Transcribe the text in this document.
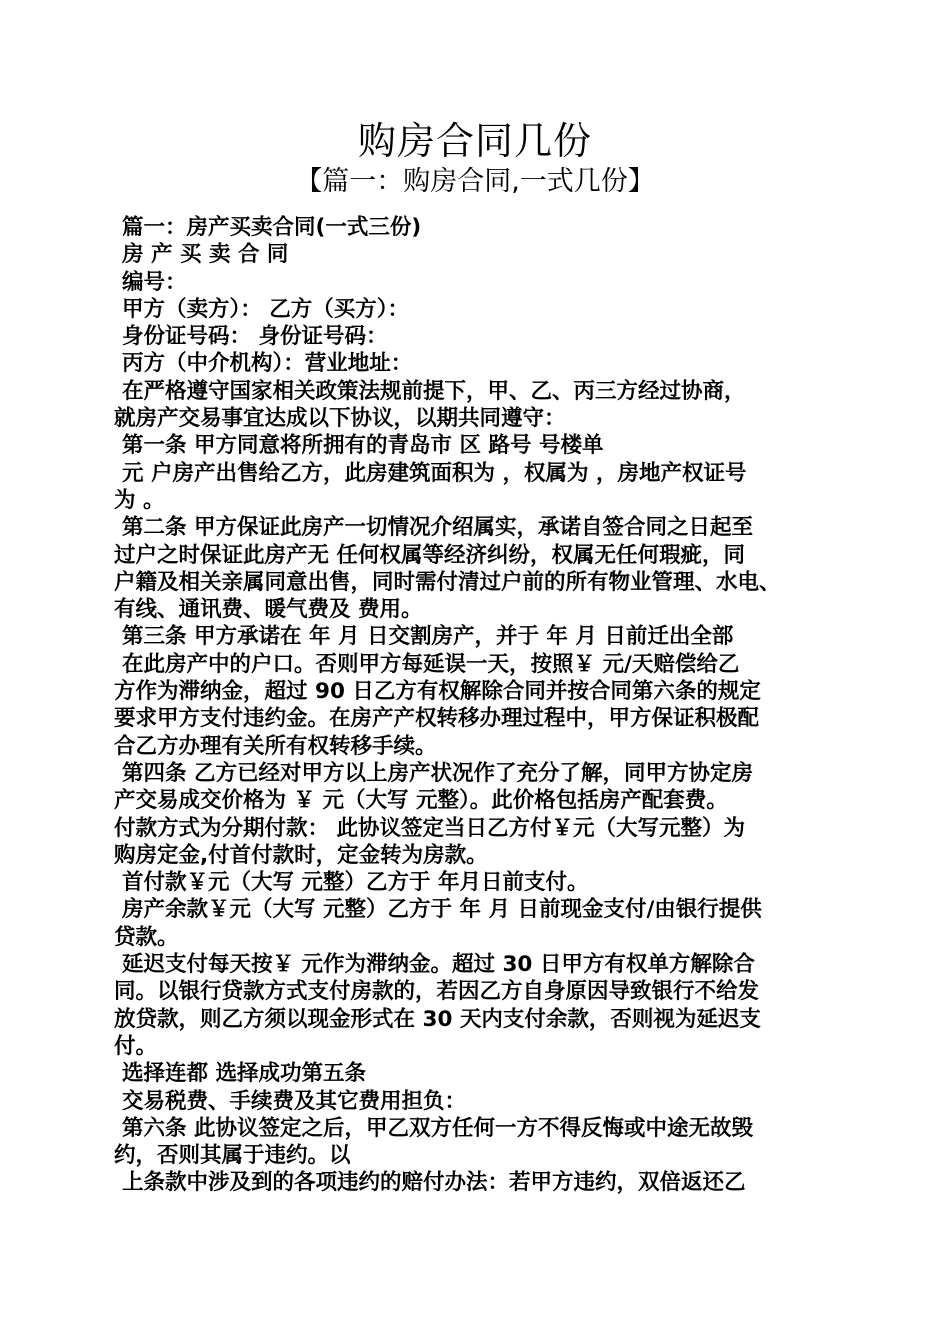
购房合同几份
【篇一：购房合同,一式几份】
篇一：房产买卖合同(一式三份)
房 产 买 卖 合 同
编号：
甲方（卖方）： 乙方（买方）：
身份证号码： 身份证号码：
丙方（中介机构）：营业地址：
在严格遵守国家相关政策法规前提下，甲、乙、丙三方经过协商，
就房产交易事宜达成以下协议，以期共同遵守：
第一条 甲方同意将所拥有的青岛市 区 路号 号楼单
元 户房产出售给乙方，此房建筑面积为 ，权属为 ，房地产权证号
为 。
第二条 甲方保证此房产一切情况介绍属实，承诺自签合同之日起至
过户之时保证此房产无 任何权属等经济纠纷，权属无任何瑕疵，同
户籍及相关亲属同意出售，同时需付清过户前的所有物业管理、水电、
有线、通讯费、暖气费及 费用。
第三条 甲方承诺在 年 月 日交割房产，并于 年 月 日前迁出全部
在此房产中的户口。否则甲方每延误一天，按照￥ 元/天赔偿给乙
方作为滞纳金，超过 90 日乙方有权解除合同并按合同第六条的规定
要求甲方支付违约金。在房产产权转移办理过程中，甲方保证积极配
合乙方办理有关所有权转移手续。
第四条 乙方已经对甲方以上房产状况作了充分了解，同甲方协定房
产交易成交价格为 ￥ 元（大写 元整）。此价格包括房产配套费。
付款方式为分期付款： 此协议签定当日乙方付￥元（大写元整）为
购房定金,付首付款时，定金转为房款。
首付款￥元（大写 元整）乙方于 年月日前支付。
房产余款￥元（大写 元整）乙方于 年 月 日前现金支付/由银行提供
贷款。
延迟支付每天按￥ 元作为滞纳金。超过 30 日甲方有权单方解除合
同。以银行贷款方式支付房款的，若因乙方自身原因导致银行不给发
放贷款，则乙方须以现金形式在 30 天内支付余款，否则视为延迟支
付。
选择连都 选择成功第五条
交易税费、手续费及其它费用担负：
第六条 此协议签定之后，甲乙双方任何一方不得反悔或中途无故毁
约，否则其属于违约。以
上条款中涉及到的各项违约的赔付办法：若甲方违约，双倍返还乙
